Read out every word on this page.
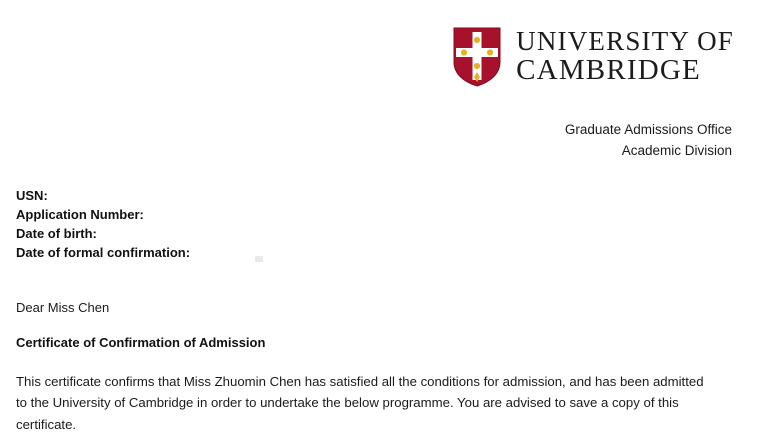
UNIVERSITY OF
CAMBRIDGE
Graduate Admissions Office
Academic Division
USN:
Application Number:
Date of birth:
Date of formal confirmation:
Dear Miss Chen
Certificate of Confirmation of Admission
This certificate confirms that Miss Zhuomin Chen has satisfied all the conditions for admission, and has been admitted to the University of Cambridge in order to undertake the below programme. You are advised to save a copy of this certificate.
